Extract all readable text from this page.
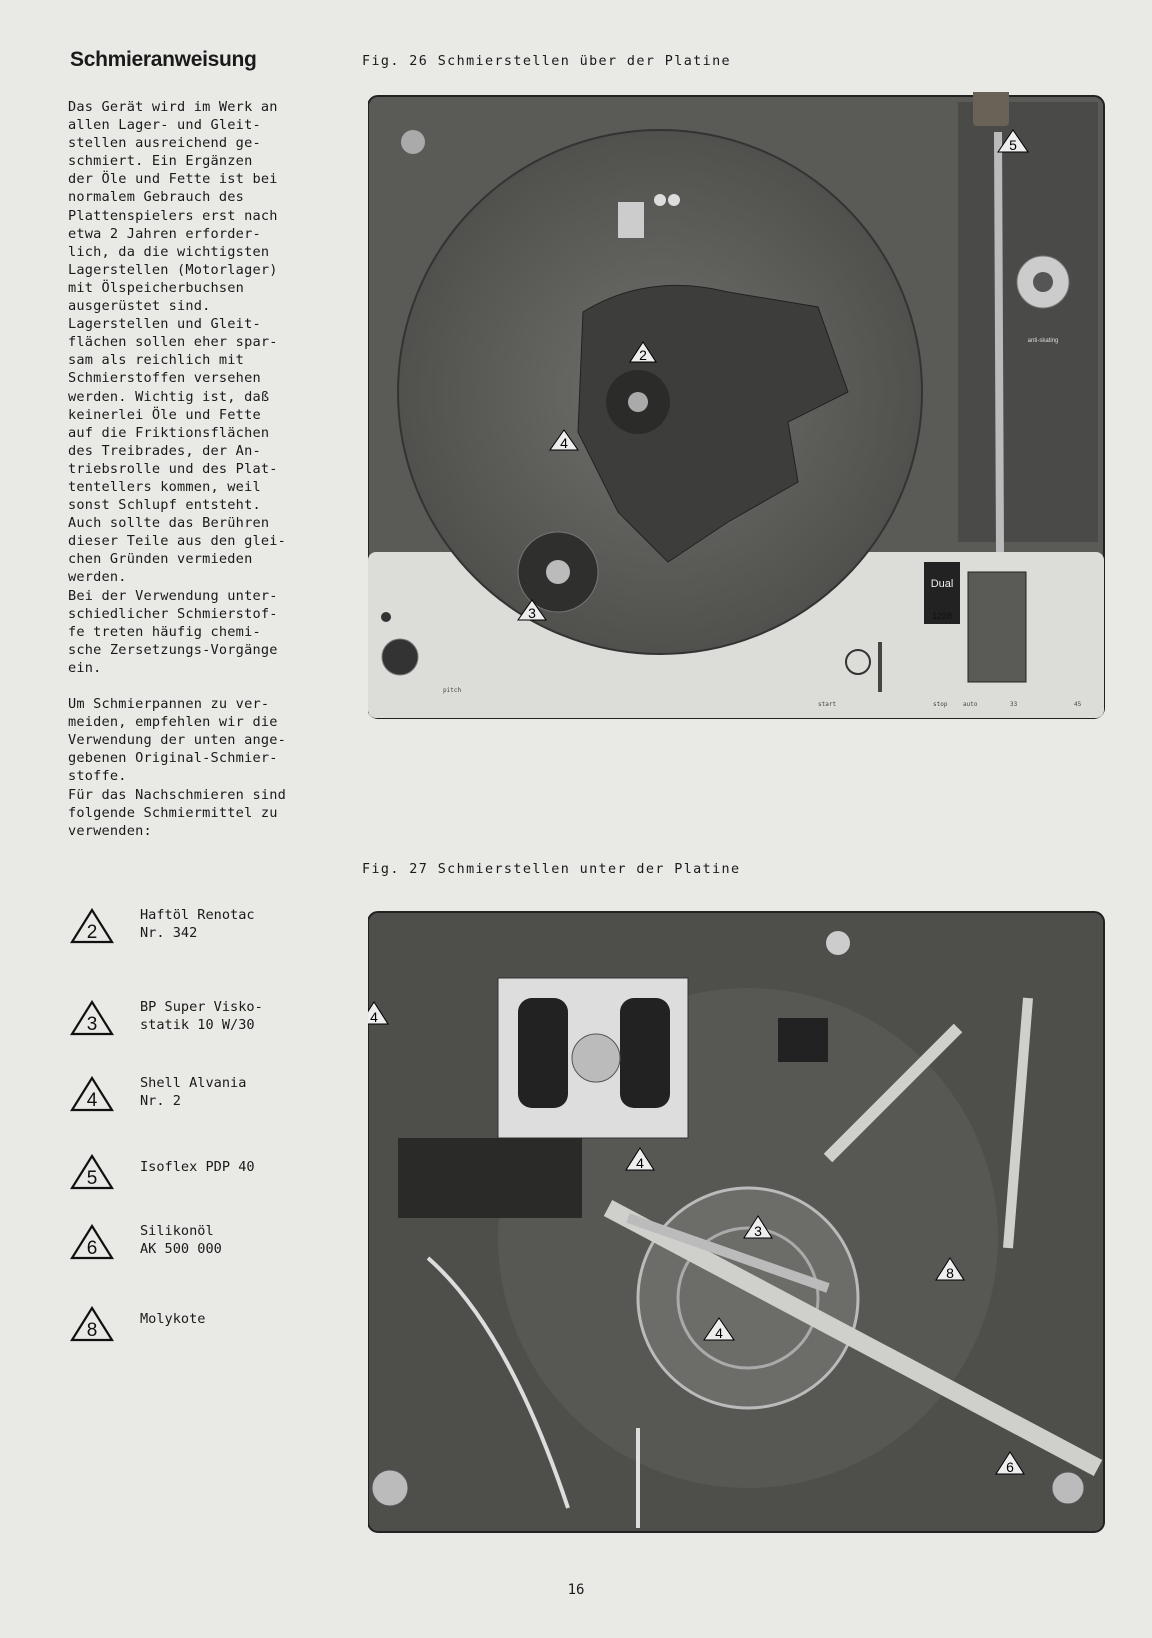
Schmieranweisung
Das Gerät wird im Werk an
allen Lager- und Gleit-
stellen ausreichend ge-
schmiert. Ein Ergänzen
der Öle und Fette ist bei
normalem Gebrauch des
Plattenspielers erst nach
etwa 2 Jahren erforder-
lich, da die wichtigsten
Lagerstellen (Motorlager)
mit Ölspeicherbuchsen
ausgerüstet sind.
Lagerstellen und Gleit-
flächen sollen eher spar-
sam als reichlich mit
Schmierstoffen versehen
werden. Wichtig ist, daß
keinerlei Öle und Fette
auf die Friktionsflächen
des Treibrades, der An-
triebsrolle und des Plat-
tentellers kommen, weil
sonst Schlupf entsteht.
Auch sollte das Berühren
dieser Teile aus den glei-
chen Gründen vermieden
werden.
Bei der Verwendung unter-
schiedlicher Schmierstof-
fe treten häufig chemi-
sche Zersetzungs-Vorgänge
ein.
Um Schmierpannen zu ver-
meiden, empfehlen wir die
Verwendung der unten ange-
gebenen Original-Schmier-
stoffe.
Für das Nachschmieren sind
folgende Schmiermittel zu
verwenden:
Fig. 26 Schmierstellen über der Platine
Fig. 27 Schmierstellen unter der Platine
2
Haftöl Renotac
Nr. 342
3
BP Super Visko-
statik 10 W/30
4
Shell Alvania
Nr. 2
5
Isoflex PDP 40
6
Silikonöl
AK 500 000
8
Molykote
anti-skating
Dual
1228
pitch
start	stop	auto	33	45
2
3
4
5
4
4
3
4
8
6
16
